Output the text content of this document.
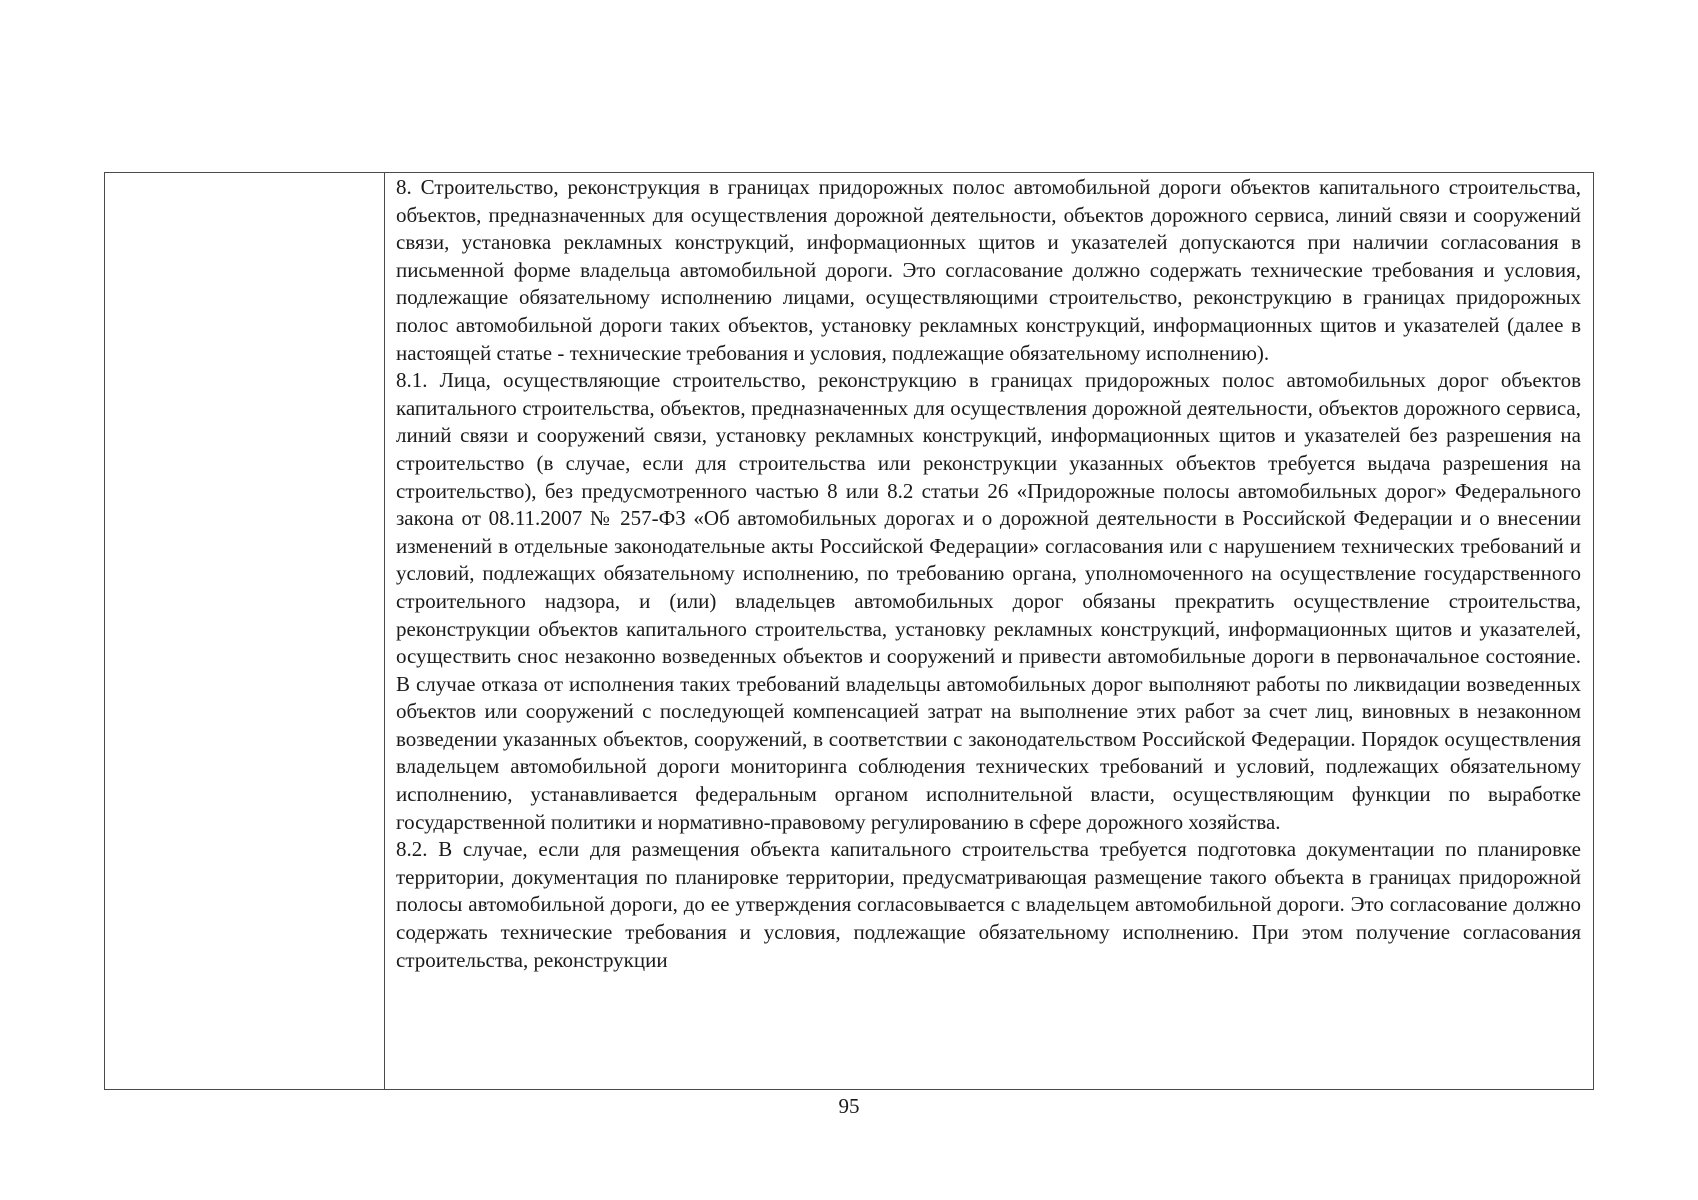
8. Строительство, реконструкция в границах придорожных полос автомобильной дороги объектов капитального строительства, объектов, предназначенных для осуществления дорожной деятельности, объектов дорожного сервиса, линий связи и сооружений связи, установка рекламных конструкций, информационных щитов и указателей допускаются при наличии согласования в письменной форме владельца автомобильной дороги. Это согласование должно содержать технические требования и условия, подлежащие обязательному исполнению лицами, осуществляющими строительство, реконструкцию в границах придорожных полос автомобильной дороги таких объектов, установку рекламных конструкций, информационных щитов и указателей (далее в настоящей статье - технические требования и условия, подлежащие обязательному исполнению).

8.1. Лица, осуществляющие строительство, реконструкцию в границах придорожных полос автомобильных дорог объектов капитального строительства, объектов, предназначенных для осуществления дорожной деятельности, объектов дорожного сервиса, линий связи и сооружений связи, установку рекламных конструкций, информационных щитов и указателей без разрешения на строительство (в случае, если для строительства или реконструкции указанных объектов требуется выдача разрешения на строительство), без предусмотренного частью 8 или 8.2 статьи 26 «Придорожные полосы автомобильных дорог» Федерального закона от 08.11.2007 № 257-ФЗ «Об автомобильных дорогах и о дорожной деятельности в Российской Федерации и о внесении изменений в отдельные законодательные акты Российской Федерации» согласования или с нарушением технических требований и условий, подлежащих обязательному исполнению, по требованию органа, уполномоченного на осуществление государственного строительного надзора, и (или) владельцев автомобильных дорог обязаны прекратить осуществление строительства, реконструкции объектов капитального строительства, установку рекламных конструкций, информационных щитов и указателей, осуществить снос незаконно возведенных объектов и сооружений и привести автомобильные дороги в первоначальное состояние. В случае отказа от исполнения таких требований владельцы автомобильных дорог выполняют работы по ликвидации возведенных объектов или сооружений с последующей компенсацией затрат на выполнение этих работ за счет лиц, виновных в незаконном возведении указанных объектов, сооружений, в соответствии с законодательством Российской Федерации. Порядок осуществления владельцем автомобильной дороги мониторинга соблюдения технических требований и условий, подлежащих обязательному исполнению, устанавливается федеральным органом исполнительной власти, осуществляющим функции по выработке государственной политики и нормативно-правовому регулированию в сфере дорожного хозяйства.

8.2. В случае, если для размещения объекта капитального строительства требуется подготовка документации по планировке территории, документация по планировке территории, предусматривающая размещение такого объекта в границах придорожной полосы автомобильной дороги, до ее утверждения согласовывается с владельцем автомобильной дороги. Это согласование должно содержать технические требования и условия, подлежащие обязательному исполнению. При этом получение согласования строительства, реконструкции

95
